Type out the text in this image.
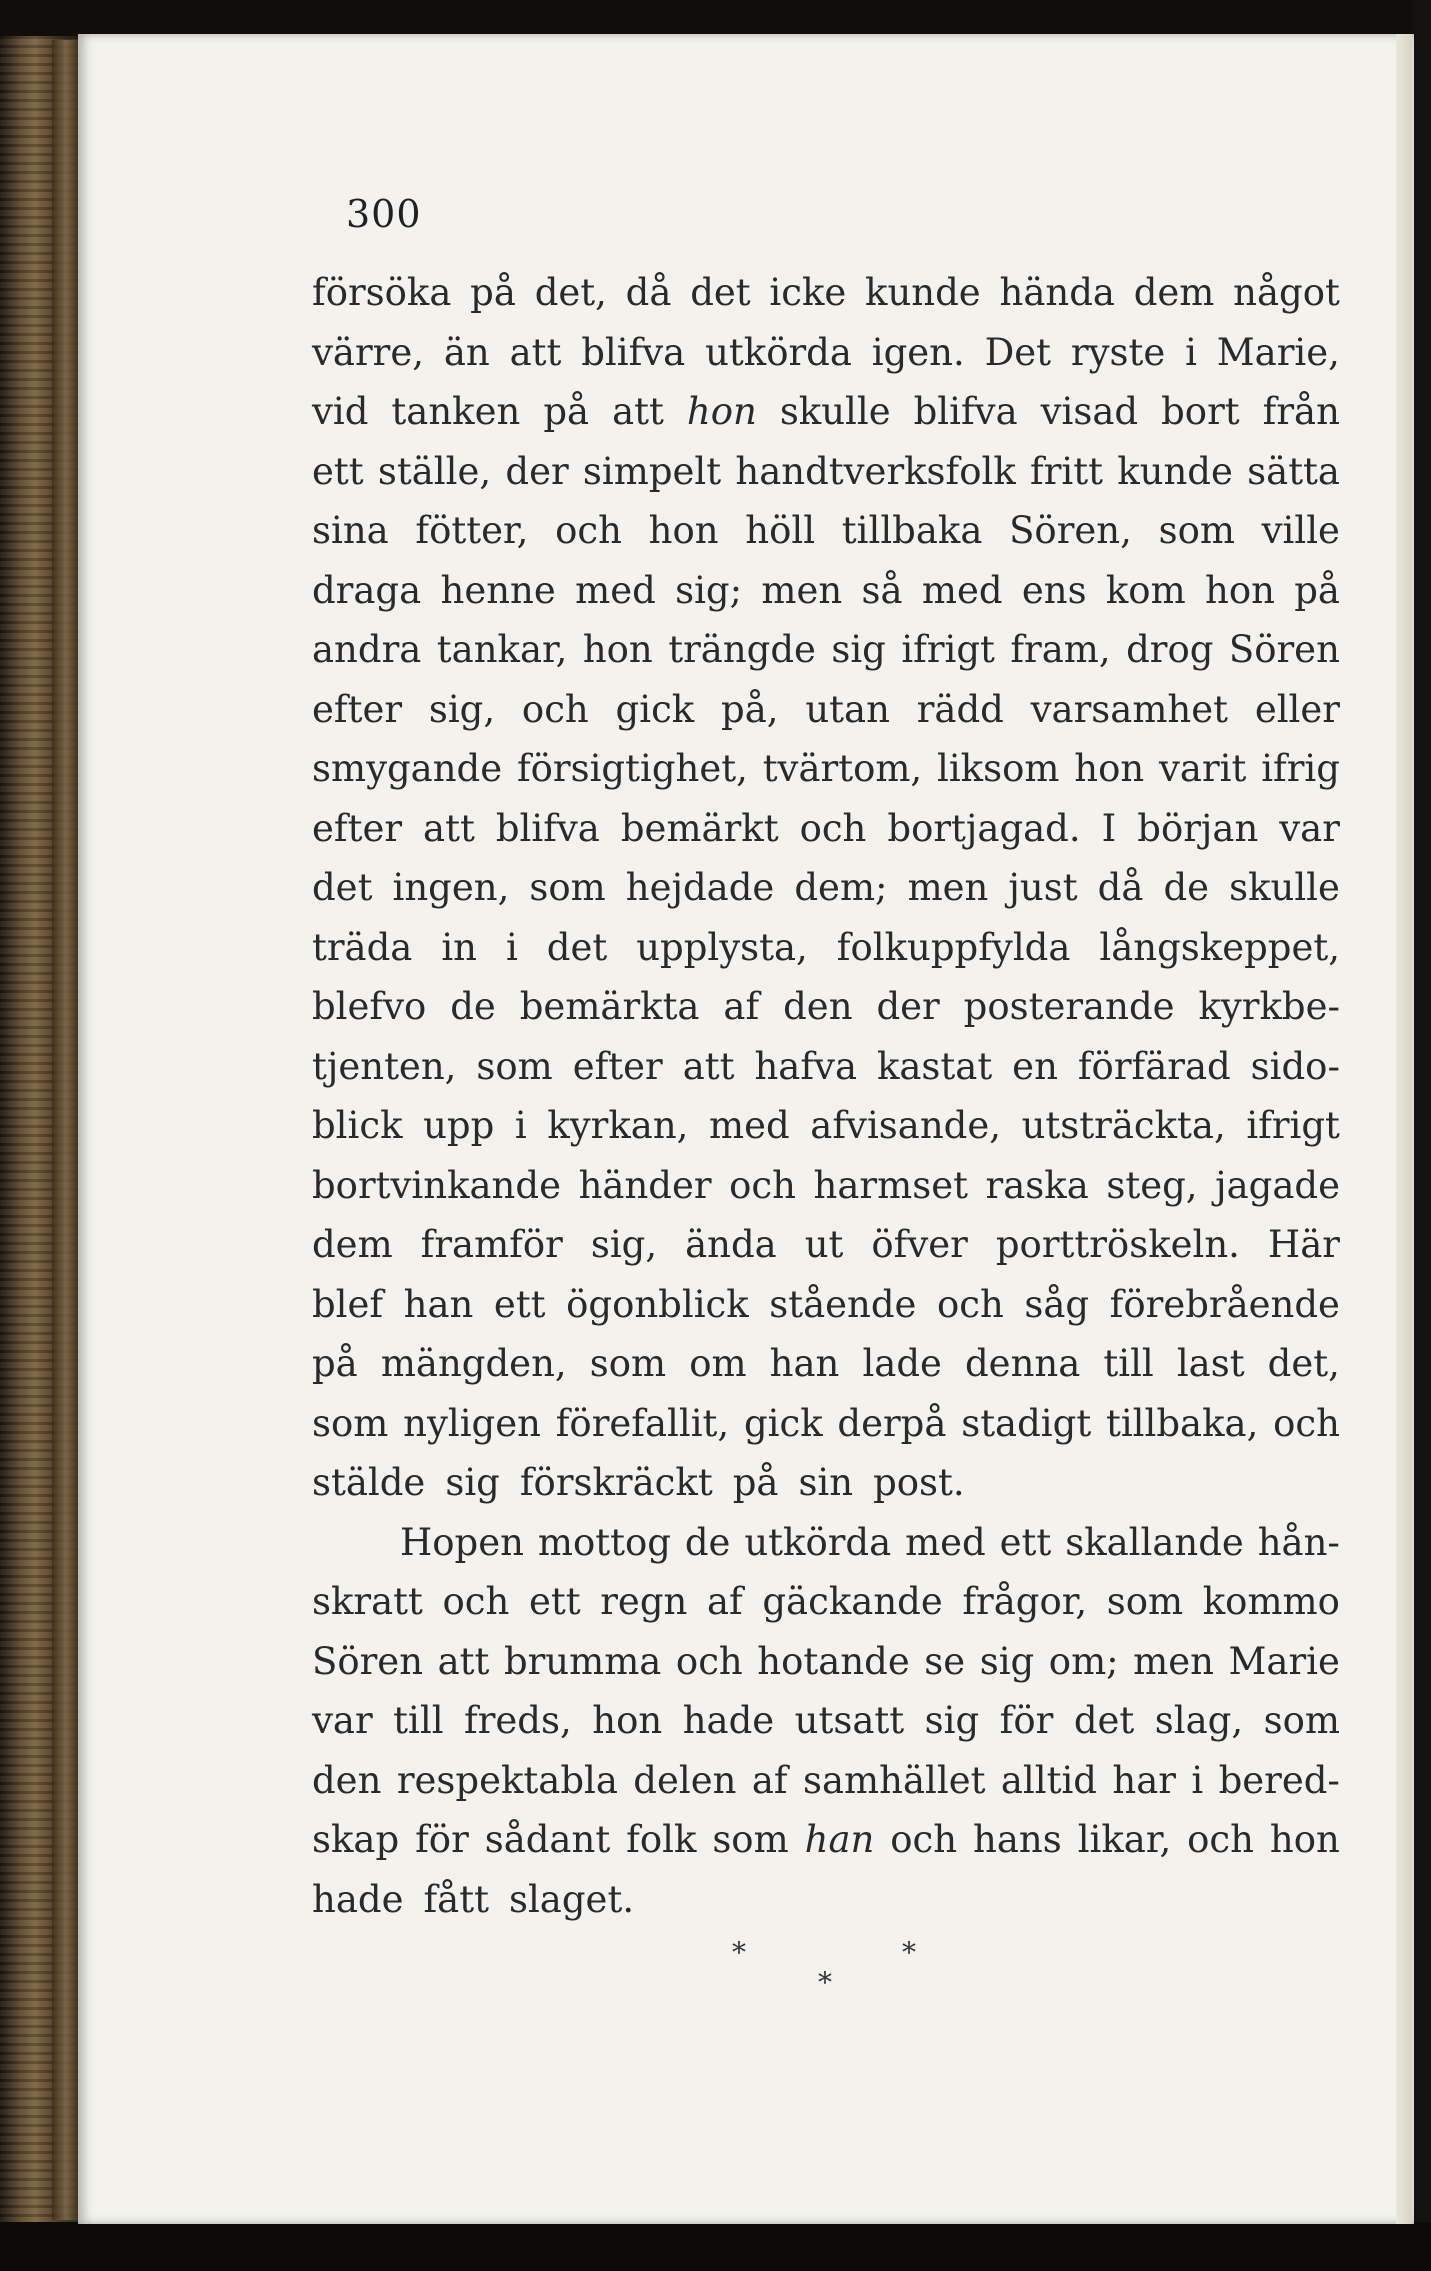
300
försöka på det, då det icke kunde hända dem något
värre, än att blifva utkörda igen. Det ryste i Marie,
vid tanken på att hon skulle blifva visad bort från
ett ställe, der simpelt handtverksfolk fritt kunde sätta
sina fötter, och hon höll tillbaka Sören, som ville
draga henne med sig; men så med ens kom hon på
andra tankar, hon trängde sig ifrigt fram, drog Sören
efter sig, och gick på, utan rädd varsamhet eller
smygande försigtighet, tvärtom, liksom hon varit ifrig
efter att blifva bemärkt och bortjagad. I början var
det ingen, som hejdade dem; men just då de skulle
träda in i det upplysta, folkuppfylda långskeppet,
blefvo de bemärkta af den der posterande kyrkbe-
tjenten, som efter att hafva kastat en förfärad sido-
blick upp i kyrkan, med afvisande, utsträckta, ifrigt
bortvinkande händer och harmset raska steg, jagade
dem framför sig, ända ut öfver porttröskeln. Här
blef han ett ögonblick stående och såg förebrående
på mängden, som om han lade denna till last det,
som nyligen förefallit, gick derpå stadigt tillbaka, och
stälde sig förskräckt på sin post.
Hopen mottog de utkörda med ett skallande hån-
skratt och ett regn af gäckande frågor, som kommo
Sören att brumma och hotande se sig om; men Marie
var till freds, hon hade utsatt sig för det slag, som
den respektabla delen af samhället alltid har i bered-
skap för sådant folk som han och hans likar, och hon
hade fått slaget.
*	*
*
